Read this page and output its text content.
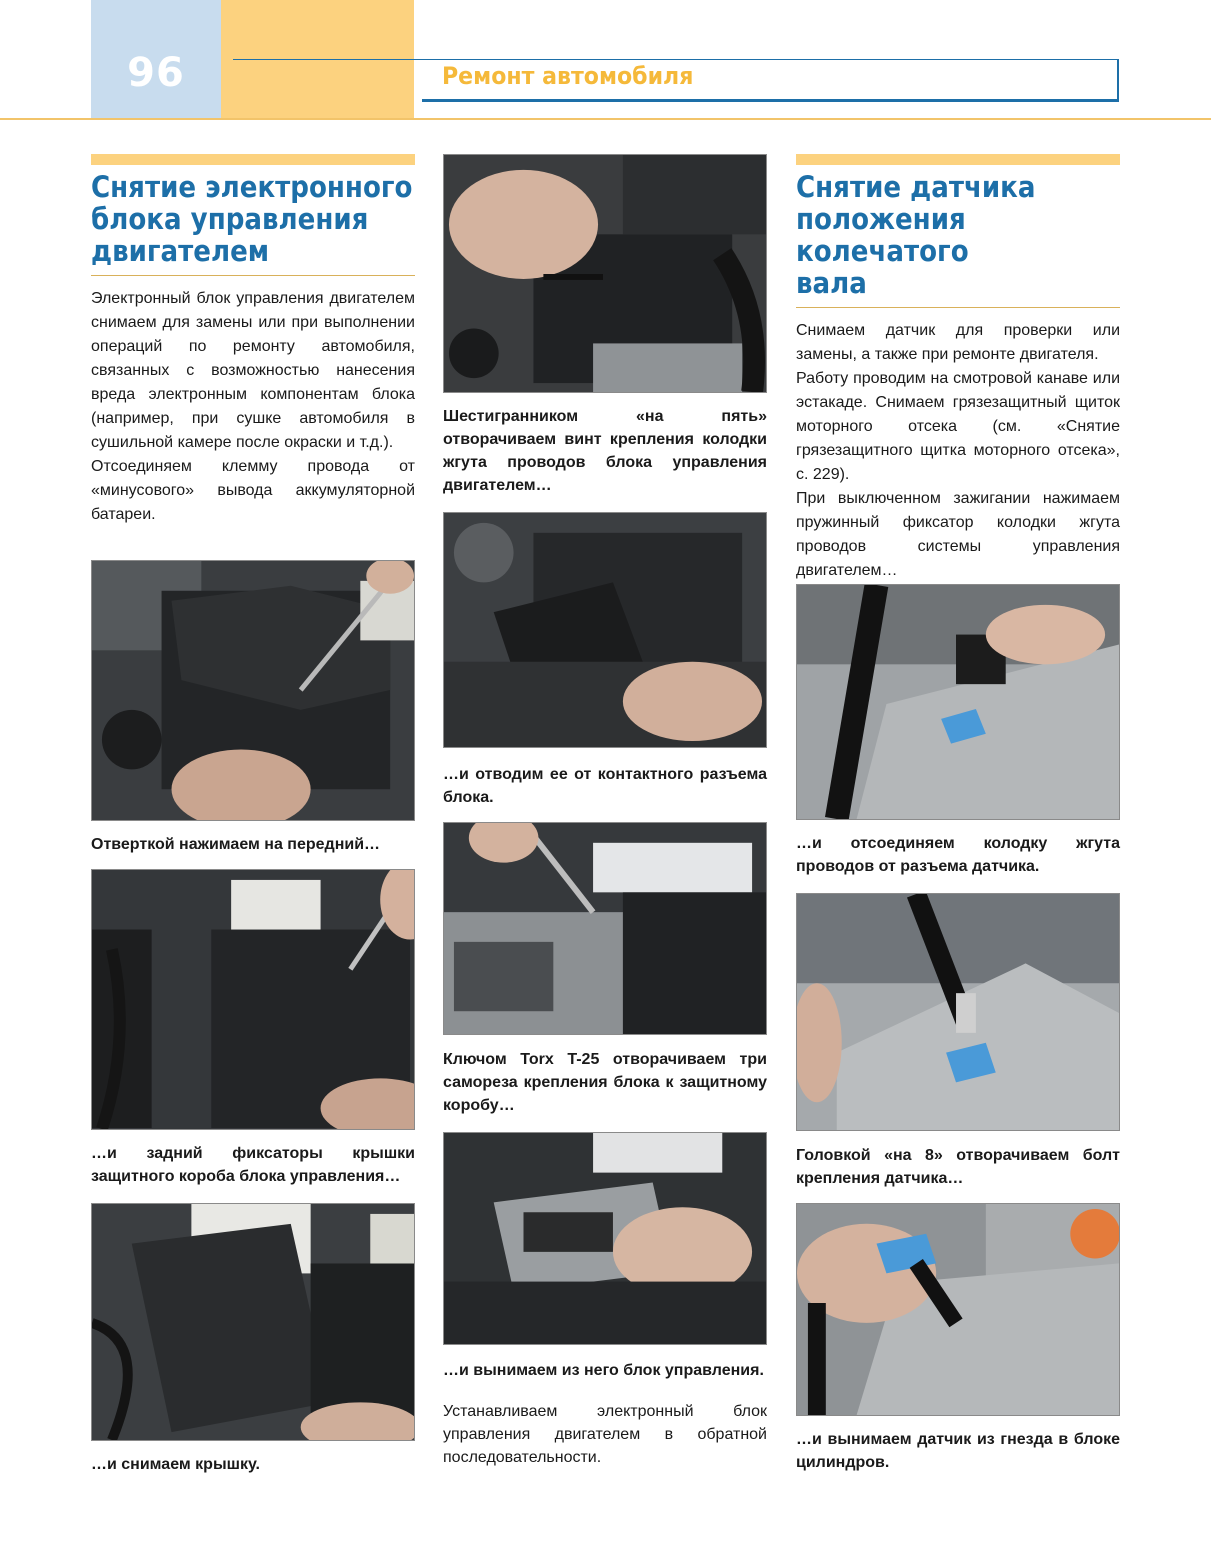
96	Ремонт автомобиля
Снятие электронного
блока управления
двигателем

Электронный блок управления двигателем снимаем для замены или при выполнении операций по ремонту автомобиля, связанных с возможностью нанесения вреда электронным компонентам блока (например, при сушке автомобиля в сушильной камере после окраски и т.д.).

Отсоединяем клемму провода от «минусового» вывода аккумуляторной батареи.

Отверткой нажимаем на передний…
…и задний фиксаторы крышки защитного короба блока управления…
…и снимаем крышку.
Шестигранником «на пять» отворачиваем винт крепления колодки жгута проводов блока управления двигателем…
…и отводим ее от контактного разъема блока.
Ключом Torx T-25 отворачиваем три самореза крепления блока к защитному коробу…
…и вынимаем из него блок управления.
Устанавливаем электронный блок управления двигателем в обратной последовательности.
Снятие датчика
положения колечатого
вала

Снимаем датчик для проверки или замены, а также при ремонте двигателя.

Работу проводим на смотровой канаве или эстакаде. Снимаем грязезащитный щиток моторного отсека (см. «Снятие грязезащитного щитка моторного отсека», с. 229).

При выключенном зажигании нажимаем пружинный фиксатор колодки жгута проводов системы управления двигателем…

…и отсоединяем колодку жгута проводов от разъема датчика.
Головкой «на 8» отворачиваем болт крепления датчика…
…и вынимаем датчик из гнезда в блоке цилиндров.
